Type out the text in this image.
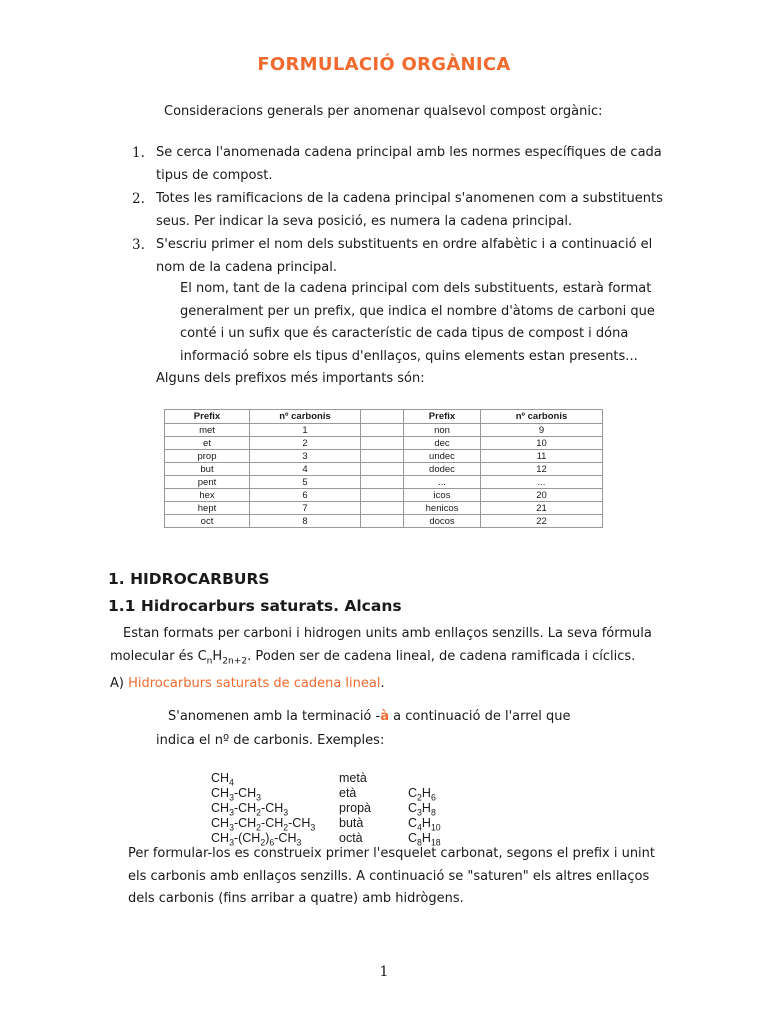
FORMULACIÓ ORGÀNICA
Consideracions generals per anomenar qualsevol compost orgànic:
1. Se cerca l'anomenada cadena principal amb les normes específiques de cada tipus de compost.
2. Totes les ramificacions de la cadena principal s'anomenen com a substituents seus. Per indicar la seva posició, es numera la cadena principal.
3. S'escriu primer el nom dels substituents en ordre alfabètic i a continuació el nom de la cadena principal.
El nom, tant de la cadena principal com dels substituents, estarà format generalment per un prefix, que indica el nombre d'àtoms de carboni que conté i un sufix que és característic de cada tipus de compost i dóna informació sobre els tipus d'enllaços, quins elements estan presents...
Alguns dels prefixos més importants són:
Prefix	nº carbonis		Prefix	nº carbonis
met	1		non	9
et	2		dec	10
prop	3		undec	11
but	4		dodec	12
pent	5		...	...
hex	6		icos	20
hept	7		henicos	21
oct	8		docos	22
1. HIDROCARBURS
1.1 Hidrocarburs saturats. Alcans
Estan formats per carboni i hidrogen units amb enllaços senzills. La seva fórmula molecular és $C_nH_{2n+2}$. Poden ser de cadena lineal, de cadena ramificada i cíclics.
A) Hidrocarburs saturats de cadena lineal.
S'anomenen amb la terminació -à a continuació de l'arrel que
indica el nº de carbonis. Exemples:
$CH_4$	metà
$CH_3-CH_3$	età	$C_2H_6$
$CH_3-CH_2-CH_3$	propà	$C_3H_8$
$CH_3-CH_2-CH_2-CH_3$ butà	$C_4H_{10}$
$CH_3-(CH_2)_6-CH_3$	octà	$C_8H_{18}$
Per formular-los es construeix primer l'esquelet carbonat, segons el prefix i unint els carbonis amb enllaços senzills. A continuació se "saturen" els altres enllaços dels carbonis (fins arribar a quatre) amb hidrògens.
1
